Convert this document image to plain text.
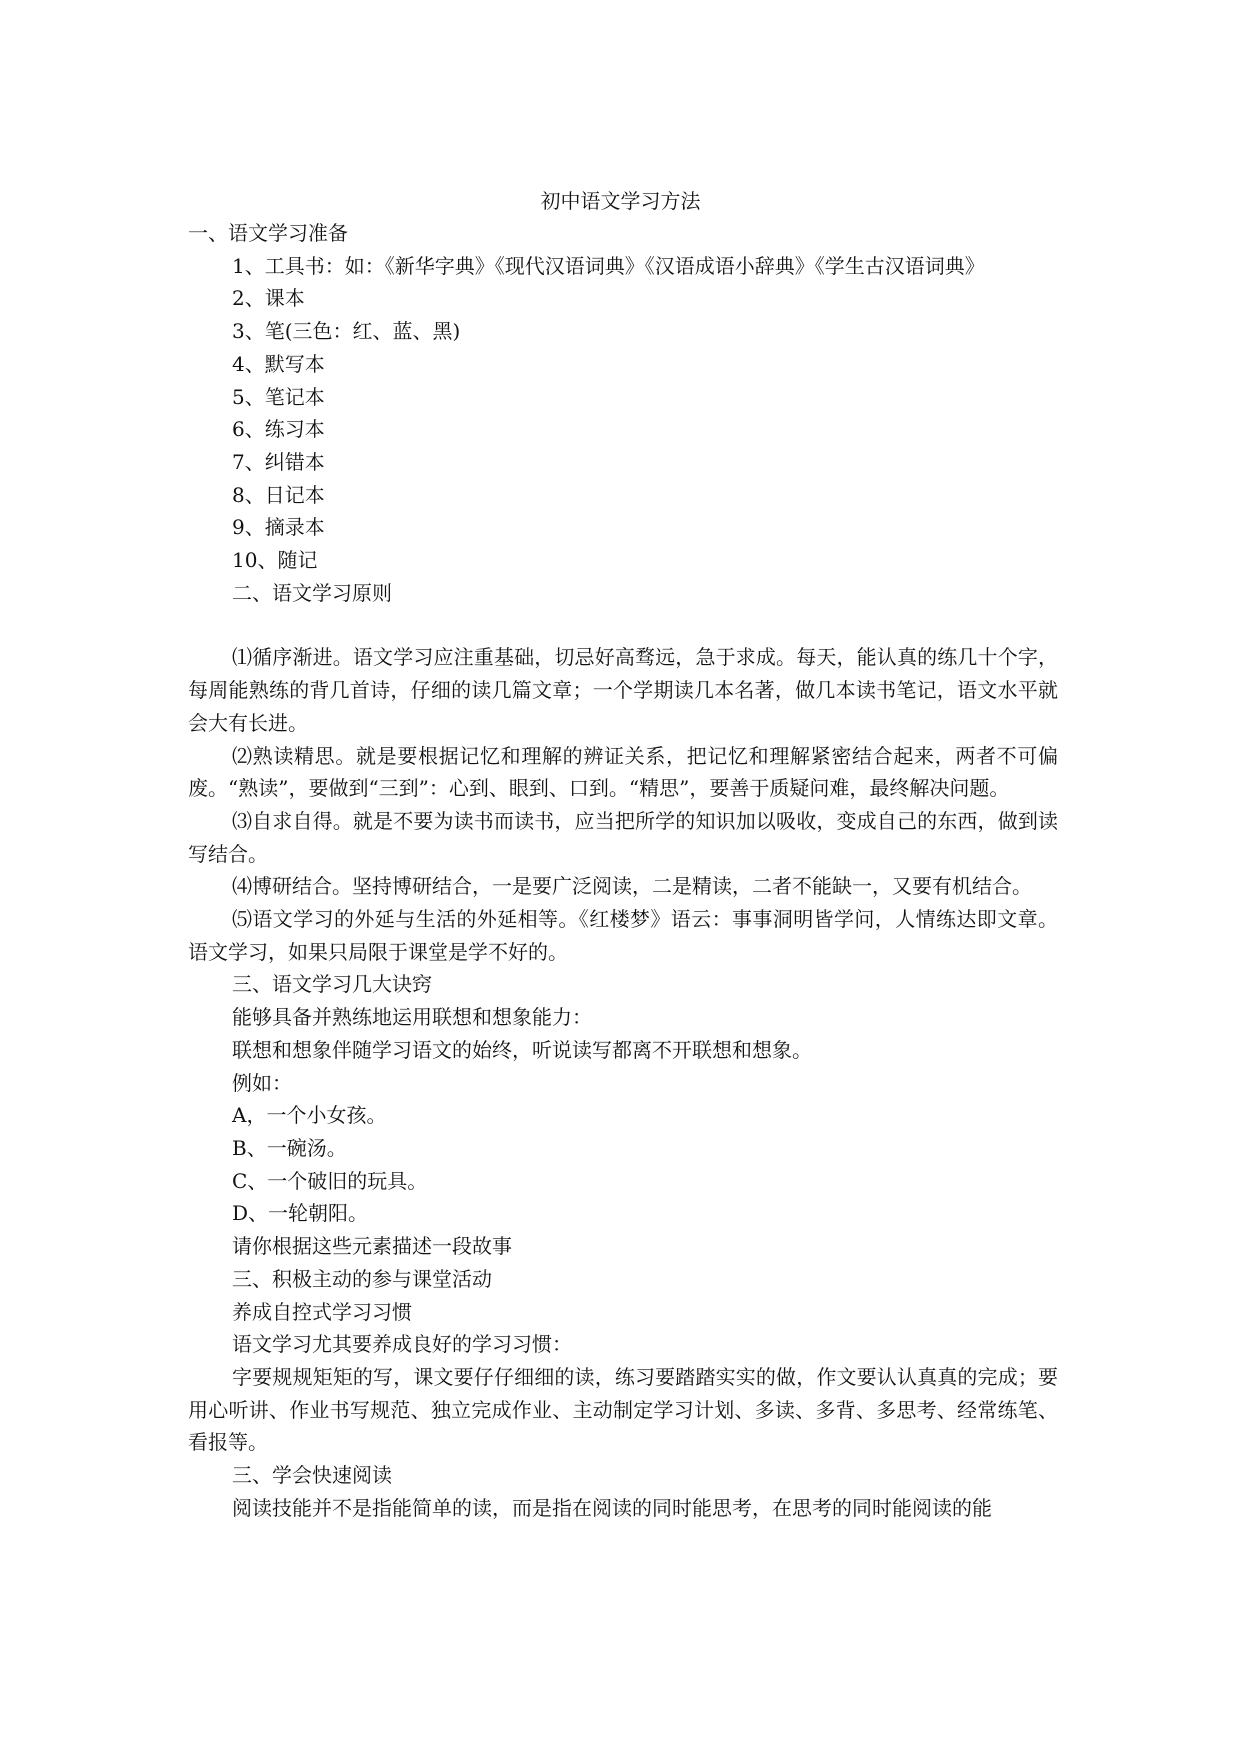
初中语文学习方法

一、语文学习准备

1、工具书：如：《新华字典》《现代汉语词典》《汉语成语小辞典》《学生古汉语词典》

2、课本

3、笔(三色：红、蓝、黑)

4、默写本

5、笔记本

6、练习本

7、纠错本

8、日记本

9、摘录本

10、随记

二、语文学习原则

⑴循序渐进。语文学习应注重基础，切忌好高骛远，急于求成。每天，能认真的练几十个字，每周能熟练的背几首诗，仔细的读几篇文章；一个学期读几本名著，做几本读书笔记，语文水平就会大有长进。

⑵熟读精思。就是要根据记忆和理解的辨证关系，把记忆和理解紧密结合起来，两者不可偏废。“熟读”，要做到“三到”：心到、眼到、口到。“精思”，要善于质疑问难，最终解决问题。

⑶自求自得。就是不要为读书而读书，应当把所学的知识加以吸收，变成自己的东西，做到读写结合。

⑷博研结合。坚持博研结合，一是要广泛阅读，二是精读，二者不能缺一，又要有机结合。

⑸语文学习的外延与生活的外延相等。《红楼梦》语云：事事洞明皆学问，人情练达即文章。语文学习，如果只局限于课堂是学不好的。

三、语文学习几大诀窍

能够具备并熟练地运用联想和想象能力：

联想和想象伴随学习语文的始终，听说读写都离不开联想和想象。

例如：

A，一个小女孩。

B、一碗汤。

C、一个破旧的玩具。

D、一轮朝阳。

请你根据这些元素描述一段故事

三、积极主动的参与课堂活动

养成自控式学习习惯

语文学习尤其要养成良好的学习习惯：

字要规规矩矩的写，课文要仔仔细细的读，练习要踏踏实实的做，作文要认认真真的完成；要用心听讲、作业书写规范、独立完成作业、主动制定学习计划、多读、多背、多思考、经常练笔、看报等。

三、学会快速阅读

阅读技能并不是指能简单的读，而是指在阅读的同时能思考，在思考的同时能阅读的能
